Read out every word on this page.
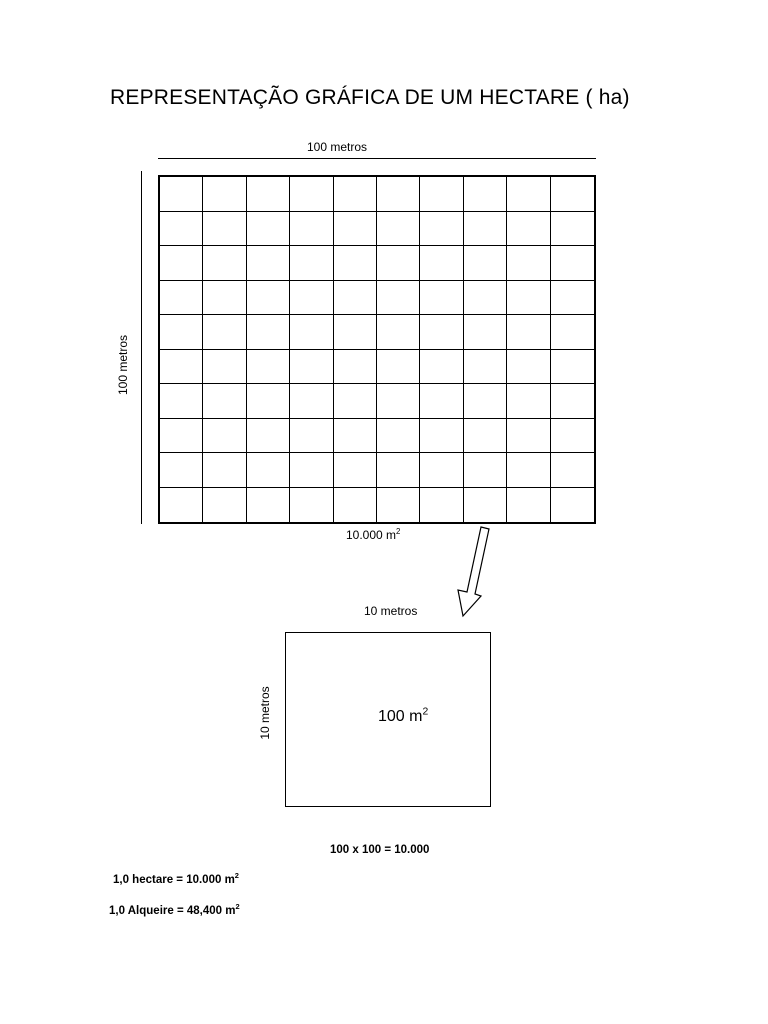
REPRESENTAÇÃO GRÁFICA DE UM HECTARE ( ha)
100 metros
100 metros
10.000 $m^2$
10 metros
10 metros	100 $m^2$
100 x 100 = 10.000
1,0 hectare = 10.000 $m^2$
1,0 Alqueire = 48,400 $m^2$
